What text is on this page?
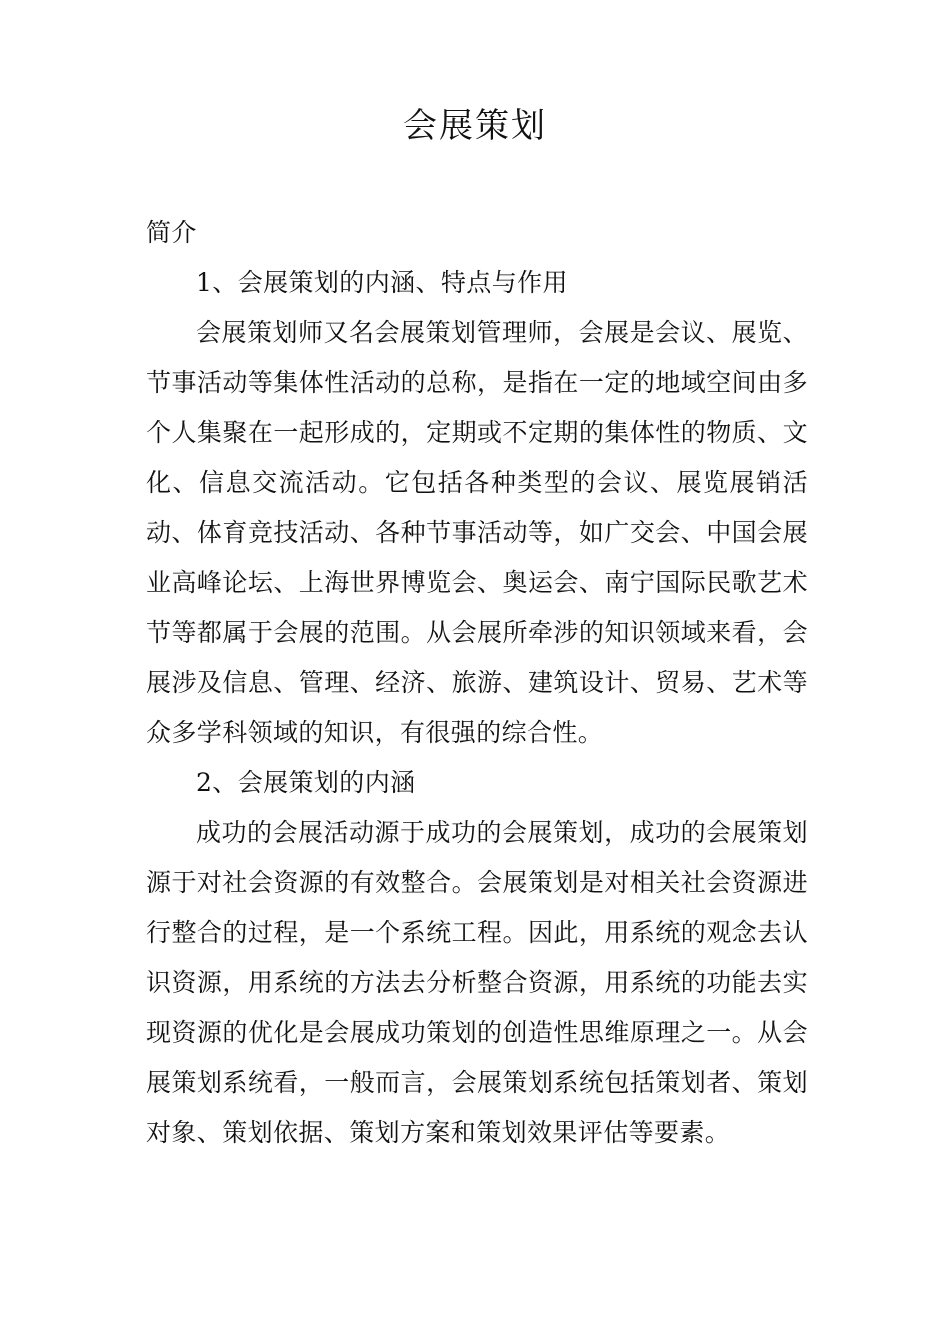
会展策划

简介

1、会展策划的内涵、特点与作用

会展策划师又名会展策划管理师，会展是会议、展览、节事活动等集体性活动的总称，是指在一定的地域空间由多个人集聚在一起形成的，定期或不定期的集体性的物质、文化、信息交流活动。它包括各种类型的会议、展览展销活动、体育竞技活动、各种节事活动等，如广交会、中国会展业高峰论坛、上海世界博览会、奥运会、南宁国际民歌艺术节等都属于会展的范围。从会展所牵涉的知识领域来看，会展涉及信息、管理、经济、旅游、建筑设计、贸易、艺术等众多学科领域的知识，有很强的综合性。

2、会展策划的内涵

成功的会展活动源于成功的会展策划，成功的会展策划源于对社会资源的有效整合。会展策划是对相关社会资源进行整合的过程，是一个系统工程。因此，用系统的观念去认识资源，用系统的方法去分析整合资源，用系统的功能去实现资源的优化是会展成功策划的创造性思维原理之一。从会展策划系统看，一般而言，会展策划系统包括策划者、策划对象、策划依据、策划方案和策划效果评估等要素。
